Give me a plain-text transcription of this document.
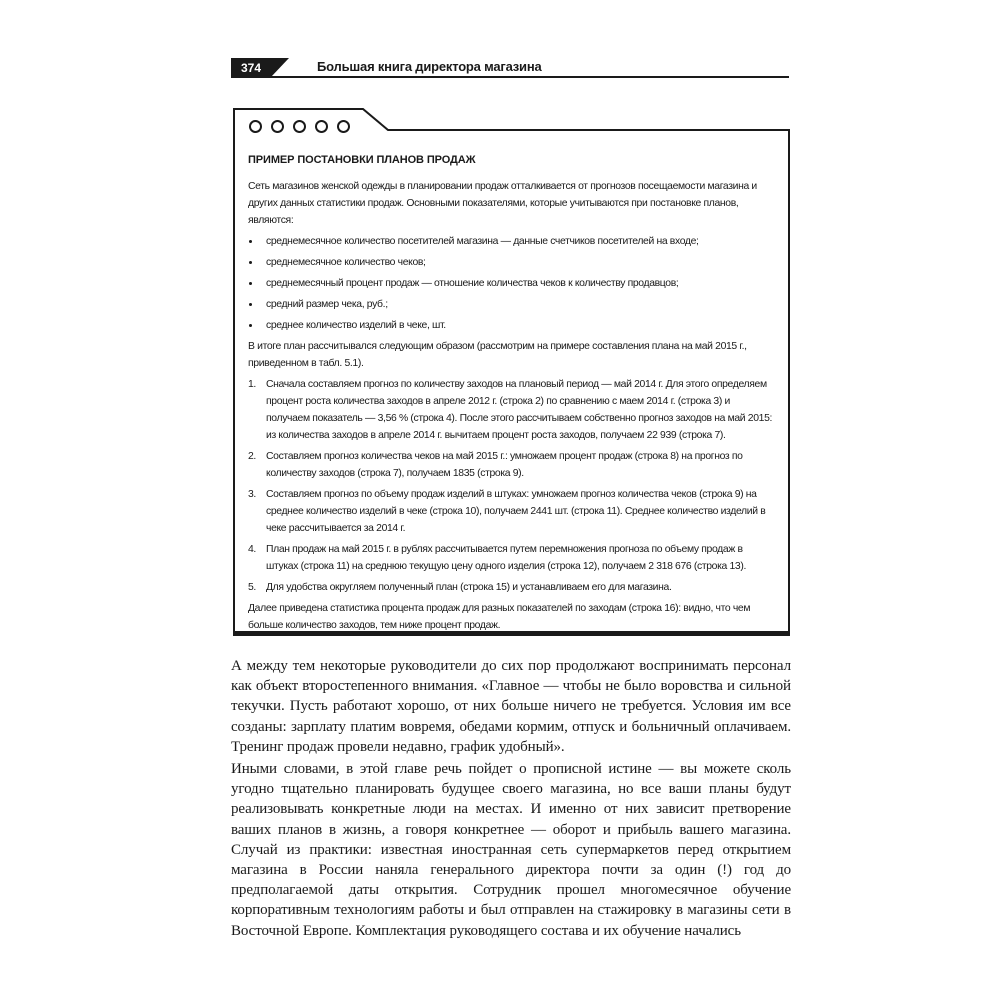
374	Большая книга директора магазина
ПРИМЕР ПОСТАНОВКИ ПЛАНОВ ПРОДАЖ

Сеть магазинов женской одежды в планировании продаж отталкивается от прогнозов посещаемости магазина и других данных статистики продаж. Основными показателями, которые учитываются при постановке планов, являются:

среднемесячное количество посетителей магазина — данные счетчиков посетителей на входе;
среднемесячное количество чеков;
среднемесячный процент продаж — отношение количества чеков к количеству продавцов;
средний размер чека, руб.;
среднее количество изделий в чеке, шт.

В итоге план рассчитывался следующим образом (рассмотрим на примере составления плана на май 2015 г., приведенном в табл. 5.1).

1. Сначала составляем прогноз по количеству заходов на плановый период — май 2014 г. Для этого определяем процент роста количества заходов в апреле 2012 г. (строка 2) по сравнению с маем 2014 г. (строка 3) и получаем показатель — 3,56 % (строка 4). После этого рассчитываем собственно прогноз заходов на май 2015: из количества заходов в апреле 2014 г. вычитаем процент роста заходов, получаем 22 939 (строка 7).
2. Составляем прогноз количества чеков на май 2015 г.: умножаем процент продаж (строка 8) на прогноз по количеству заходов (строка 7), получаем 1835 (строка 9).
3. Составляем прогноз по объему продаж изделий в штуках: умножаем прогноз количества чеков (строка 9) на среднее количество изделий в чеке (строка 10), получаем 2441 шт. (строка 11). Среднее количество изделий в чеке рассчитывается за 2014 г.
4. План продаж на май 2015 г. в рублях рассчитывается путем перемножения прогноза по объему продаж в штуках (строка 11) на среднюю текущую цену одного изделия (строка 12), получаем 2 318 676 (строка 13).
5. Для удобства округляем полученный план (строка 15) и устанавливаем его для магазина.

Далее приведена статистика процента продаж для разных показателей по заходам (строка 16): видно, что чем больше количество заходов, тем ниже процент продаж.

А между тем некоторые руководители до сих пор продолжают воспринимать персонал как объект второстепенного внимания. «Главное — чтобы не было воровства и сильной текучки. Пусть работают хорошо, от них больше ничего не требуется. Условия им все созданы: зарплату платим вовремя, обедами кормим, отпуск и больничный оплачиваем. Тренинг продаж провели недавно, график удобный».

Иными словами, в этой главе речь пойдет о прописной истине — вы можете сколь угодно тщательно планировать будущее своего магазина, но все ваши планы будут реализовывать конкретные люди на местах. И именно от них зависит претворение ваших планов в жизнь, а говоря конкретнее — оборот и прибыль вашего магазина. Случай из практики: известная иностранная сеть супермаркетов перед открытием магазина в России наняла генерального директора почти за один (!) год до предполагаемой даты открытия. Сотрудник прошел многомесячное обучение корпоративным технологиям работы и был отправлен на стажировку в магазины сети в Восточной Европе. Комплектация руководящего состава и их обучение начались
